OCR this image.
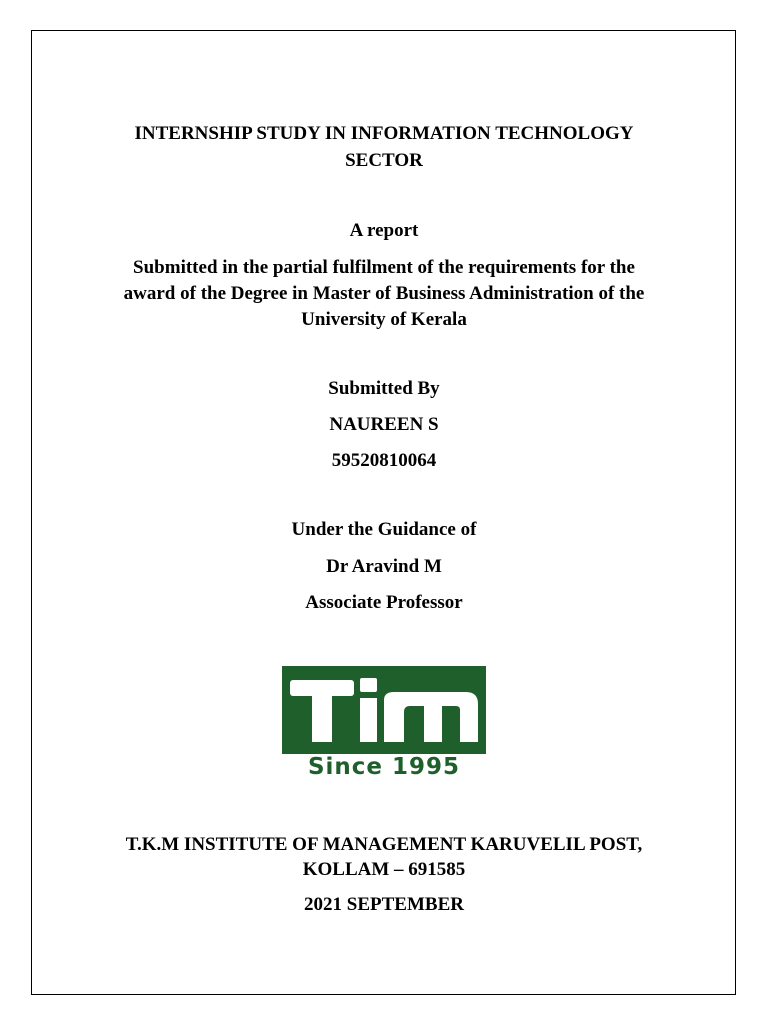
INTERNSHIP STUDY IN INFORMATION TECHNOLOGY
SECTOR
A report
Submitted in the partial fulfilment of the requirements for the
award of the Degree in Master of Business Administration of the
University of Kerala
Submitted By
NAUREEN S
59520810064
Under the Guidance of
Dr Aravind M
Associate Professor
Since 1995
T.K.M INSTITUTE OF MANAGEMENT KARUVELIL POST,
KOLLAM – 691585
2021 SEPTEMBER
